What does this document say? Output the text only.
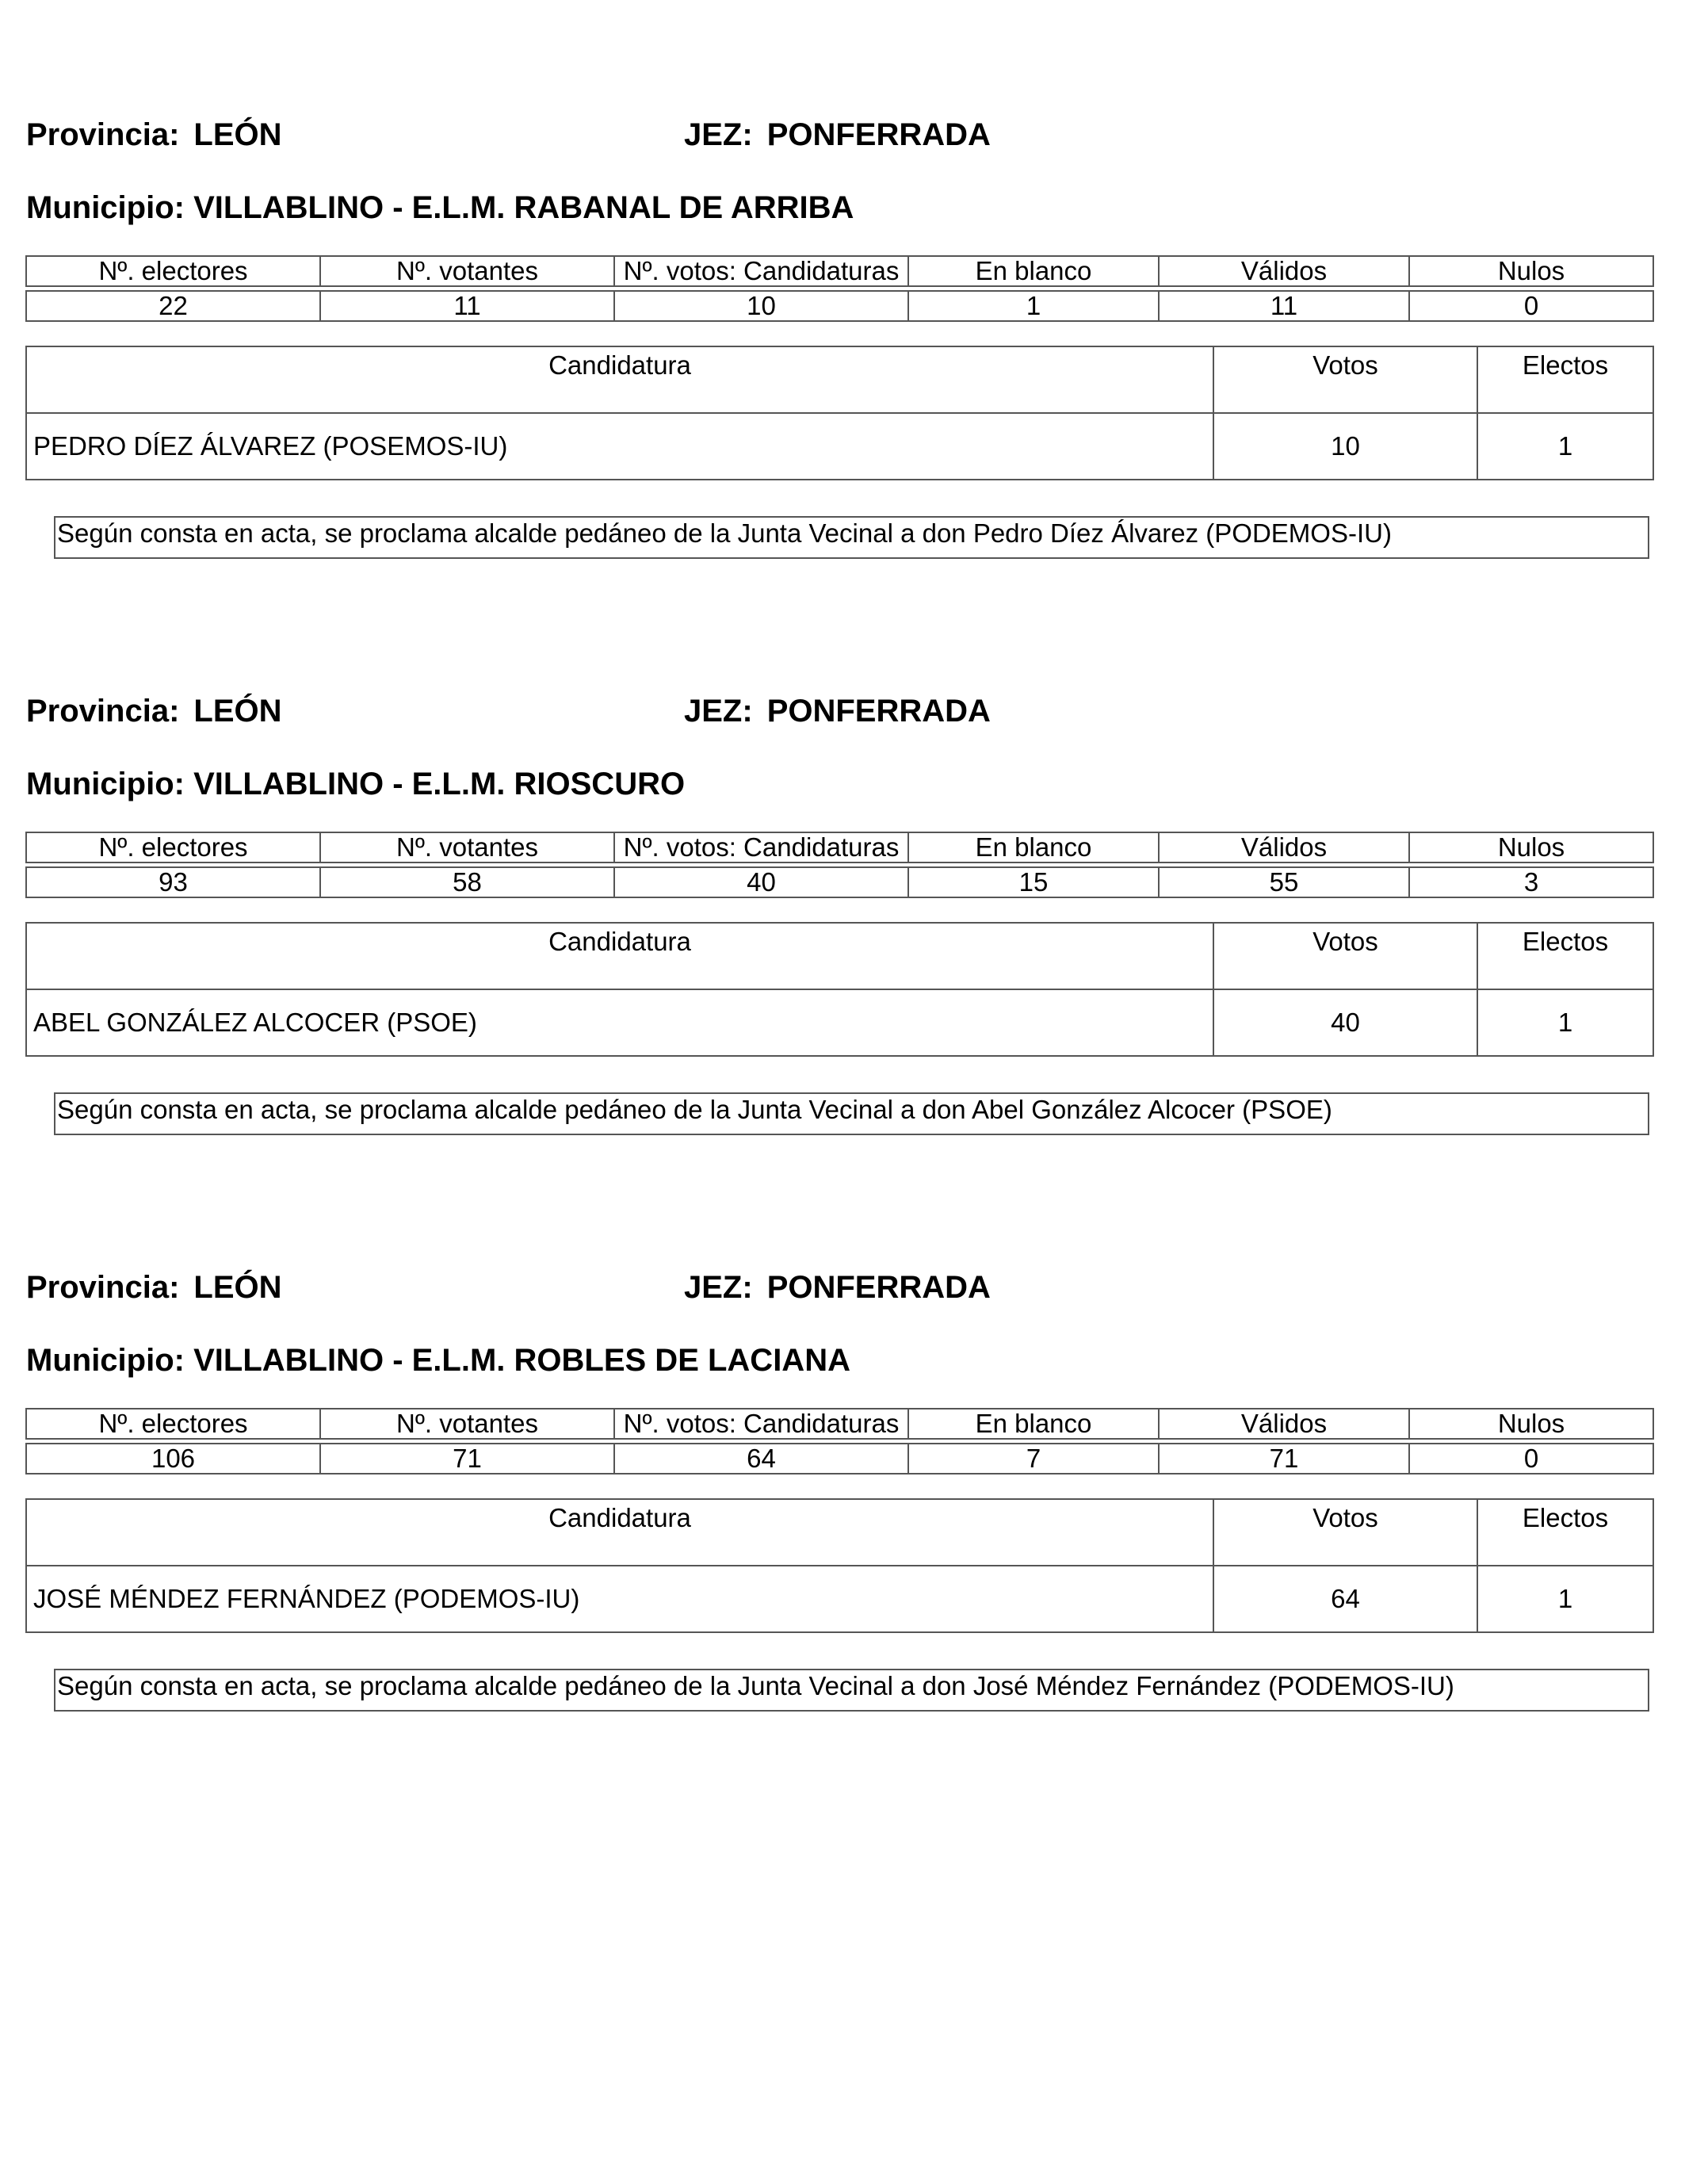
Provincia: LEÓN	JEZ: PONFERRADA
Municipio: VILLABLINO - E.L.M. RABANAL DE ARRIBA
Nº. electores	Nº. votantes	Nº. votos: Candidaturas	En blanco	Válidos	Nulos

22	11	10	1	11	0
Candidatura	Votos	Electos
PEDRO DÍEZ ÁLVAREZ (POSEMOS-IU)	10	1
Según consta en acta, se proclama alcalde pedáneo de la Junta Vecinal a don Pedro Díez Álvarez (PODEMOS-IU)
Provincia: LEÓN	JEZ: PONFERRADA
Municipio: VILLABLINO - E.L.M. RIOSCURO
Nº. electores	Nº. votantes	Nº. votos: Candidaturas	En blanco	Válidos	Nulos

93	58	40	15	55	3
Candidatura	Votos	Electos
ABEL GONZÁLEZ ALCOCER (PSOE)	40	1
Según consta en acta, se proclama alcalde pedáneo de la Junta Vecinal a don Abel González Alcocer (PSOE)
Provincia: LEÓN	JEZ: PONFERRADA
Municipio: VILLABLINO - E.L.M. ROBLES DE LACIANA
Nº. electores	Nº. votantes	Nº. votos: Candidaturas	En blanco	Válidos	Nulos

106	71	64	7	71	0
Candidatura	Votos	Electos
JOSÉ MÉNDEZ FERNÁNDEZ (PODEMOS-IU)	64	1
Según consta en acta, se proclama alcalde pedáneo de la Junta Vecinal a don José Méndez Fernández (PODEMOS-IU)
